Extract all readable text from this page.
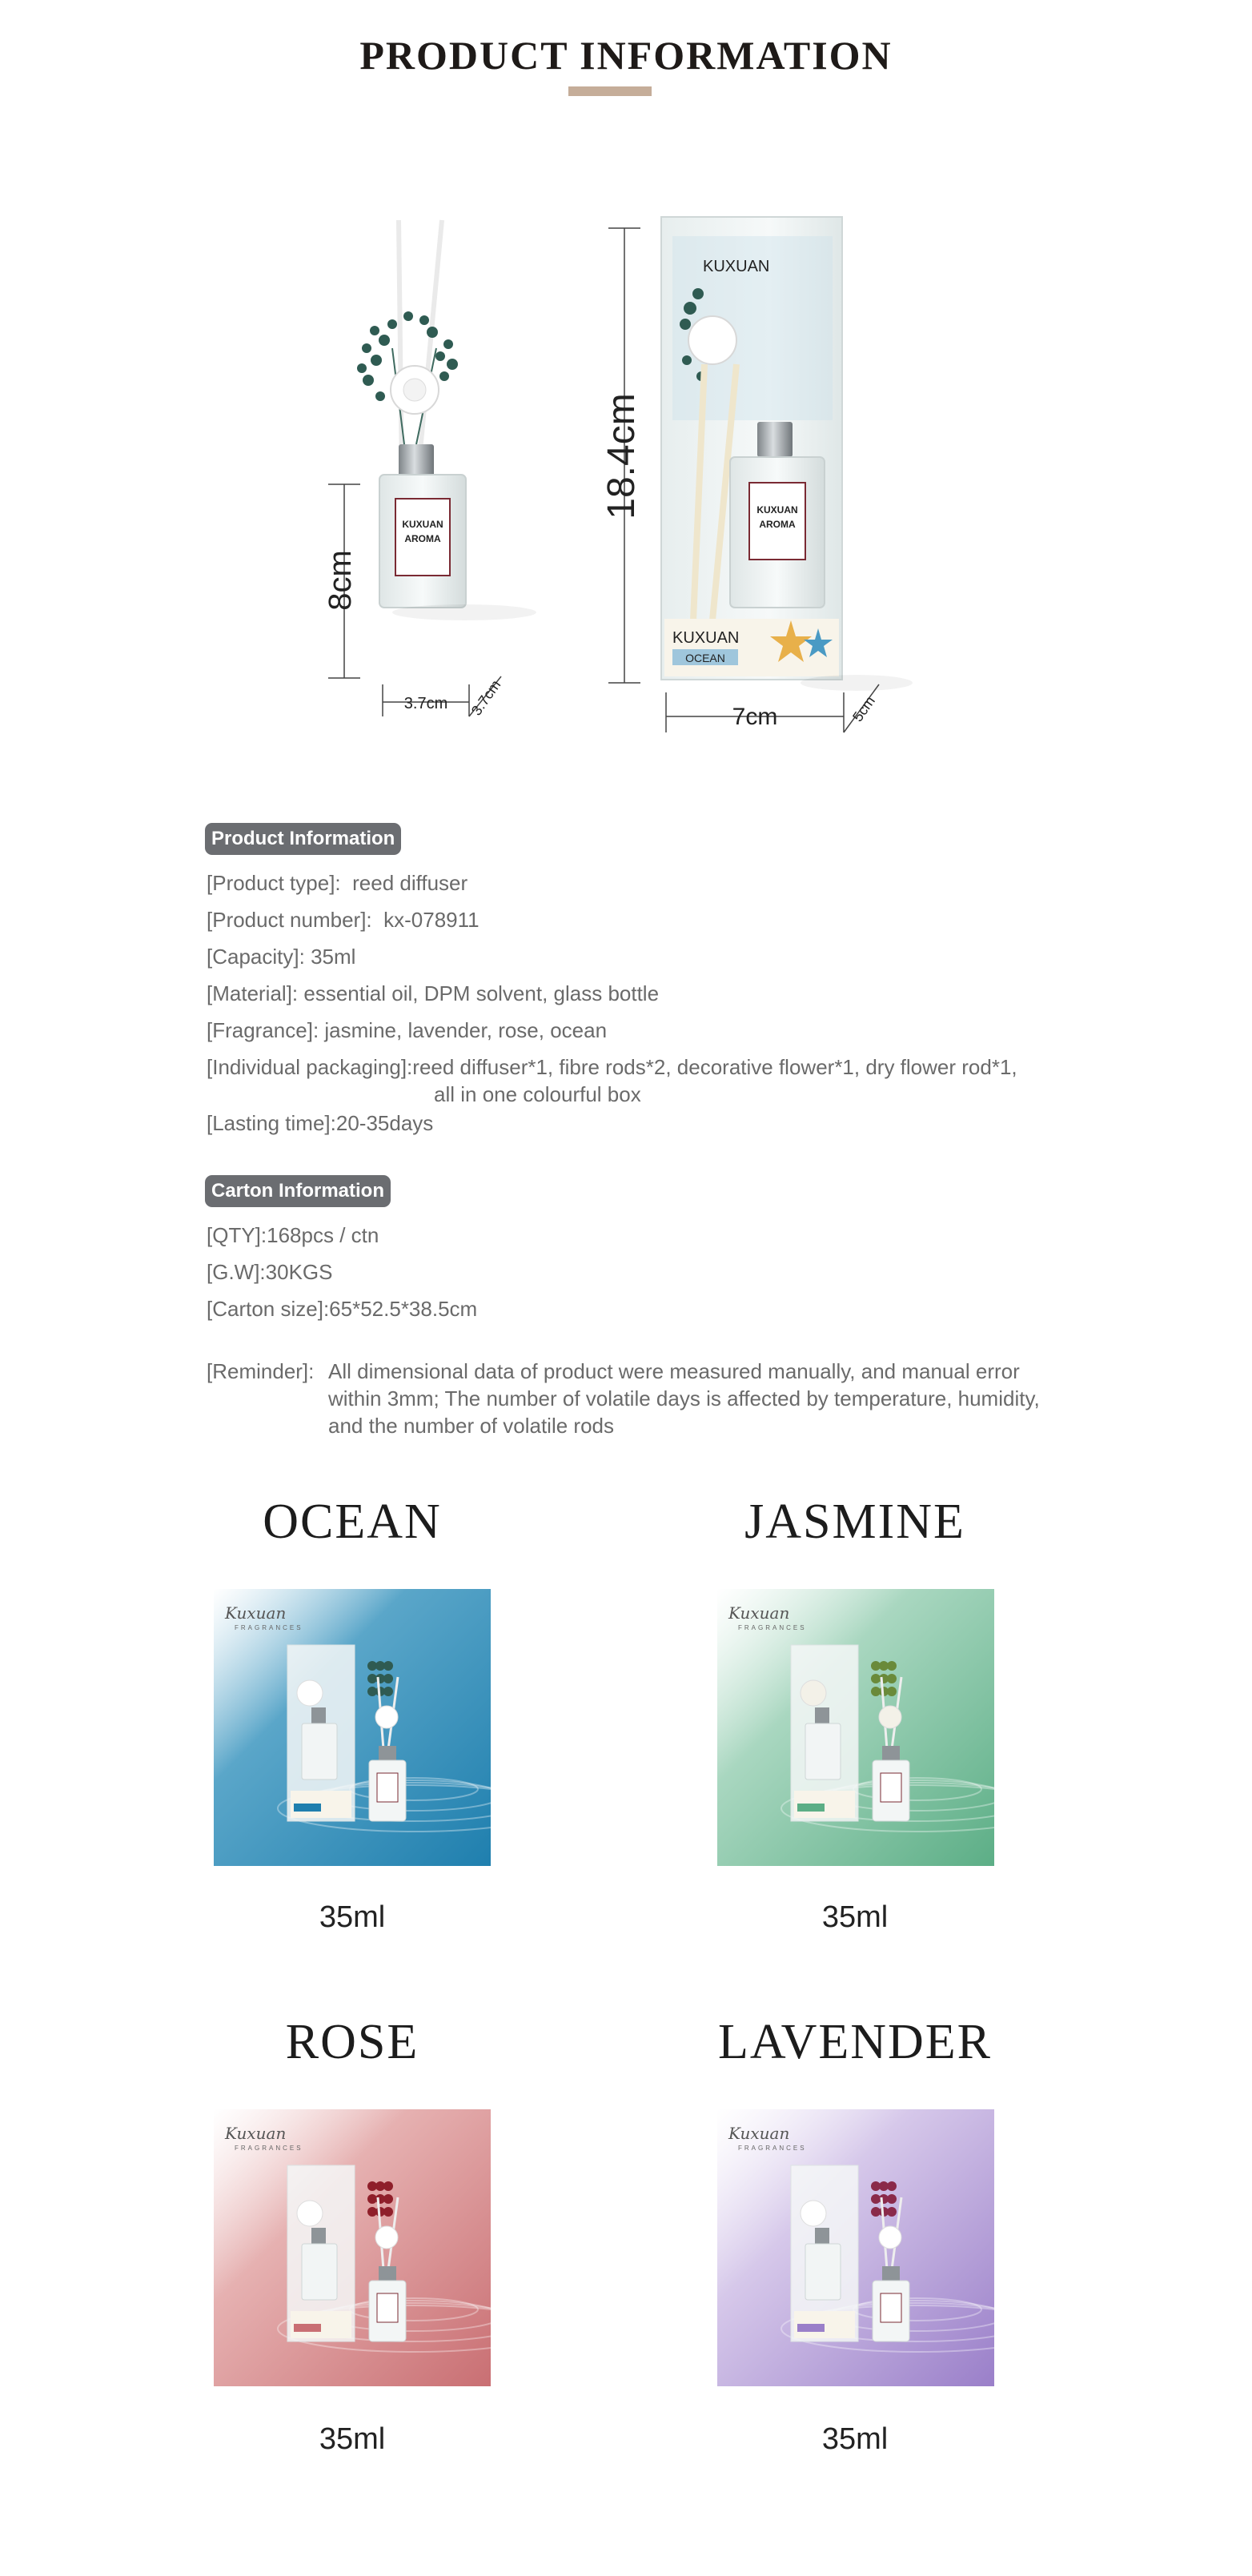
PRODUCT INFORMATION
KUXUAN
AROMA
8cm
3.7cm 3.7cm
18.4cm
KUXUAN
KUXUAN
AROMA
KUXUAN
OCEAN
7cm	5cm
Product Information
[Product type]: reed diffuser
[Product number]: kx-078911
[Capacity]: 35ml
[Material]: essential oil, DPM solvent, glass bottle
[Fragrance]: jasmine, lavender, rose, ocean
[Individual packaging]:reed diffuser*1, fibre rods*2, decorative flower*1, dry flower rod*1,
all in one colourful box
[Lasting time]:20-35days
Carton Information
[QTY]:168pcs / ctn
[G.W]:30KGS
[Carton size]:65*52.5*38.5cm
[Reminder]: All dimensional data of product were measured manually, and manual error
within 3mm; The number of volatile days is affected by temperature, humidity,
and the number of volatile rods
OCEAN
Kuxuan
FRAGRANCES
35ml
JASMINE
Kuxuan
FRAGRANCES
35ml
ROSE
Kuxuan
FRAGRANCES
35ml
LAVENDER
Kuxuan
FRAGRANCES
35ml
